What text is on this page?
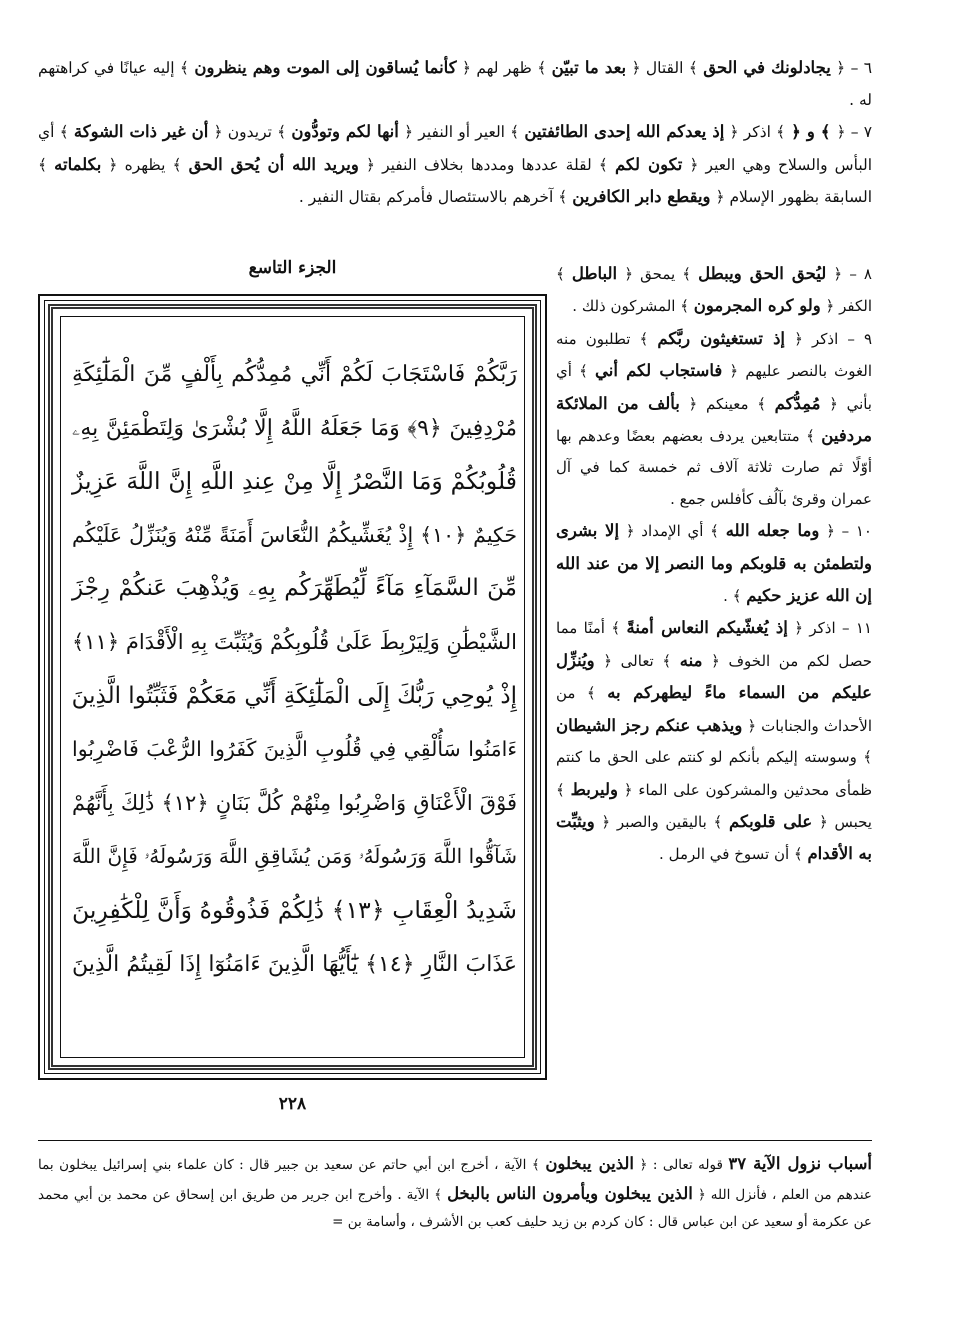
٦ – ﴿ يجادلونك في الحق ﴾ القتال ﴿ بعد ما تبيّن ﴾ ظهر لهم ﴿ كأنما يُساقون إلى الموت وهم ينظرون ﴾ إليه عيانًا في كراهتهم له .

٧ – ﴿ ﴾ و ﴿ ﴾ اذكر ﴿ إذ يعدكم الله إحدى الطائفتين ﴾ العير أو النفير ﴿ أنها لكم وتودُّون ﴾ تريدون ﴿ أن غير ذات الشوكة ﴾ أي البأس والسلاح وهي العير ﴿ تكون لكم ﴾ لقلة عددها ومددها بخلاف النفير ﴿ ويريد الله أن يُحق الحق ﴾ يظهره ﴿ بكلماته ﴾ السابقة بظهور الإسلام ﴿ ويقطع دابر الكافرين ﴾ آخرهم بالاستئصال فأمركم بقتال النفير .

الجزء التاسع
رَبَّكُمْ فَاسْتَجَابَ لَكُمْ أَنِّي مُمِدُّكُم بِأَلْفٍ مِّنَ الْمَلَٰٓئِكَةِ
مُرْدِفِينَ ﴿٩﴾ وَمَا جَعَلَهُ اللَّهُ إِلَّا بُشْرَىٰ وَلِتَطْمَئِنَّ بِهِۦ
قُلُوبُكُمْ وَمَا النَّصْرُ إِلَّا مِنْ عِندِ اللَّهِ إِنَّ اللَّهَ عَزِيزٌ
حَكِيمٌ ﴿١٠﴾ إِذْ يُغَشِّيكُمُ النُّعَاسَ أَمَنَةً مِّنْهُ وَيُنَزِّلُ عَلَيْكُم
مِّنَ السَّمَآءِ مَآءً لِّيُطَهِّرَكُم بِهِۦ وَيُذْهِبَ عَنكُمْ رِجْزَ
الشَّيْطَٰنِ وَلِيَرْبِطَ عَلَىٰ قُلُوبِكُمْ وَيُثَبِّتَ بِهِ الْأَقْدَامَ ﴿١١﴾
إِذْ يُوحِي رَبُّكَ إِلَى الْمَلَٰٓئِكَةِ أَنِّي مَعَكُمْ فَثَبِّتُوا الَّذِينَ
ءَامَنُوا سَأُلْقِي فِي قُلُوبِ الَّذِينَ كَفَرُوا الرُّعْبَ فَاضْرِبُوا
فَوْقَ الْأَعْنَاقِ وَاضْرِبُوا مِنْهُمْ كُلَّ بَنَانٍ ﴿١٢﴾ ذَٰلِكَ بِأَنَّهُمْ
شَآقُّوا اللَّهَ وَرَسُولَهُۥ وَمَن يُشَاقِقِ اللَّهَ وَرَسُولَهُۥ فَإِنَّ اللَّهَ
شَدِيدُ الْعِقَابِ ﴿١٣﴾ ذَٰلِكُمْ فَذُوقُوهُ وَأَنَّ لِلْكَٰفِرِينَ
عَذَابَ النَّارِ ﴿١٤﴾ يَٰٓأَيُّهَا الَّذِينَ ءَامَنُوٓا إِذَا لَقِيتُمُ الَّذِينَ
٢٢٨

٨ – ﴿ ليُحق الحق ويبطل ﴾ يمحق ﴿ الباطل ﴾ الكفر ﴿ ولو كره المجرمون ﴾ المشركون ذلك .

٩ – اذكر ﴿ إذ تستغيثون ربَّكم ﴾ تطلبون منه الغوث بالنصر عليهم ﴿ فاستجاب لكم أني ﴾ أي بأني ﴿ مُمِدُّكم ﴾ معينكم ﴿ بألف من الملائكة مردفين ﴾ متتابعين يردف بعضهم بعضًا وعدهم بها أوّلًا ثم صارت ثلاثة آلاف ثم خمسة كما في آل عمران وقرئ بآلُف كأفلس جمع .

١٠ – ﴿ وما جعله الله ﴾ أي الإمداد ﴿ إلا بشرى ولتطمئن به قلوبكم وما النصر إلا من عند الله إن الله عزيز حكيم ﴾ .

١١ – اذكر ﴿ إذ يُغشّيكم النعاس أمنةً ﴾ أمنًا مما حصل لكم من الخوف ﴿ منه ﴾ تعالى ﴿ ويُنزِّل عليكم من السماء ماءً ليطهركم به ﴾ من الأحداث والجنابات ﴿ ويذهب عنكم رجز الشيطان ﴾ وسوسته إليكم بأنكم لو كنتم على الحق ما كنتم ظمأى محدثين والمشركون على الماء ﴿ وليربط ﴾ يحبس ﴿ على قلوبكم ﴾ باليقين والصبر ﴿ ويثبِّت به الأقدام ﴾ أن تسوخ في الرمل .

أسباب نزول الآية ٣٧ قوله تعالى : ﴿ الذين يبخلون ﴾ الآية ، أخرج ابن أبي حاتم عن سعيد بن جبير قال : كان علماء بني إسرائيل يبخلون بما عندهم من العلم ، فأنزل الله ﴿ الذين يبخلون ويأمرون الناس بالبخل ﴾ الآية . وأخرج ابن جرير من طريق ابن إسحاق عن محمد بن أبي محمد عن عكرمة أو سعيد عن ابن عباس قال : كان كردم بن زيد حليف كعب بن الأشرف ، وأسامة بن =
